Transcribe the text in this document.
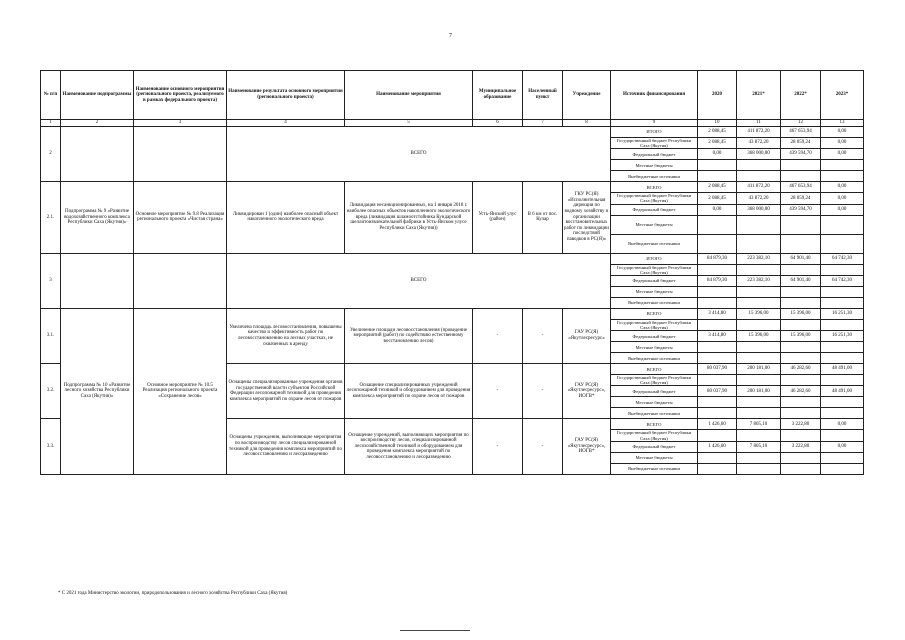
7
№ п/п	Наименование подпрограммы	Наименование основного мероприятия (регионального проекта, реализуемого в рамках федерального проекта)	Наименование результата основного мероприятия (регионального проекта)	Наименование мероприятия	Муниципальное образование	Населенный пункт	Учреждение	Источник финансирования	2020	2021*	2022*	2023*
1	2	3	4	5	6	7	8	9	10	11	12	13
2			ВСЕГО					ИТОГО	2 088,45	411 872,20	467 653,94	0,00
								Государственный бюджет Республики Саха (Якутия)	2 088,45	43 872,20	28 059,24	0,00
								Федеральный бюджет	0,00	368 000,00	439 594,70	0,00
								Местные бюджеты				
								Внебюджетные источники				
2.1.	Подпрограмма № 9 «Развитие водохозяйственного комплекса Республики Саха (Якутия)»	Основное мероприятие № 9.8 Реализация регионального проекта «Чистая страна»	Ликвидирован 1 (один) наиболее опасный объект накопленного экологического вреда	Ликвидация несанкционированных, на 1 января 2018 г. наиболее опасных объектов накопленного экологического вреда (ликвидация шламоотстойника Кундарской шеллитоизвлекательной фабрики в Усть-Янском улусе Республики Саха (Якутия))	Усть-Янский улус (район)	В 6 км от пос. Кулар	ГКУ РС(Я) «Исполнительная дирекция по водному хозяйству и организации восстановительных работ по ликвидации последствий паводков в РС(Я)»	ВСЕГО	2 088,45	411 872,20	467 653,94	0,00
								Государственный бюджет Республики Саха (Якутия)	2 088,45	43 872,20	28 059,24	0,00
								Федеральный бюджет	0,00	368 000,00	439 594,70	0,00
								Местные бюджеты				
								Внебюджетные источники				
3			ВСЕГО					ИТОГО	84 879,30	223 382,10	64 901,40	64 742,30
								Государственный бюджет Республики Саха (Якутия)				
								Федеральный бюджет	84 879,30	223 382,10	64 901,40	64 742,30
								Местные бюджеты				
								Внебюджетные источники				
3.1.	Подпрограмма № 10 «Развитие лесного хозяйства Республики Саха (Якутия)»	Основное мероприятие № 10.5 Реализация регионального проекта «Сохранение лесов»	Увеличена площадь лесовосстановления, повышены качество и эффективность работ по лесовосстановлению на лесных участках, не охваченных в аренду	Увеличение площади лесовосстановления (проведение мероприятий (работ) по содействию естественному восстановлению лесов)	-	-	ГАУ РС(Я) «Якутлесресурс»	ВСЕГО	3 414,80	15 396,00	15 396,00	16 251,30
								Государственный бюджет Республики Саха (Якутия)				
								Федеральный бюджет	3 414,80	15 396,00	15 396,00	16 251,30
								Местные бюджеты				
								Внебюджетные источники				
3.2.			Оснащены специализированные учреждения органов государственной власти субъектов Российской Федерации лесопожарной техникой для проведения комплекса мероприятий по охране лесов от пожаров	Оснащение специализированных учреждений лесопожарной техникой и оборудованием для проведения комплекса мероприятий по охране лесов от пожаров	-	-	ГАУ РС(Я) «Якутлесресурс», ИОГВ*	ВСЕГО	80 037,90	200 181,00	46 282,60	48 491,00
								Государственный бюджет Республики Саха (Якутия)				
								Федеральный бюджет	80 037,90	200 181,00	46 282,60	48 491,00
								Местные бюджеты				
								Внебюджетные источники				
3.3.			Оснащены учреждения, выполняющие мероприятия по воспроизводству лесов специализированной техникой для проведения комплекса мероприятий по лесовосстановлению и лесоразведению	Оснащение учреждений, выполняющих мероприятия по воспроизводству лесов, специализированной лесохозяйственной техникой и оборудованием для проведения комплекса мероприятий по лесовосстановлению и лесоразведению	-	-	ГАУ РС(Я) «Якутлесресурс», ИОГВ*	ВСЕГО	1 426,60	7 805,10	3 222,80	0,00
								Государственный бюджет Республики Саха (Якутия)				
								Федеральный бюджет	1 426,60	7 805,10	3 222,80	0,00
								Местные бюджеты				
								Внебюджетные источники				
* С 2021 года Министерство экологии, природопользования и лесного хозяйства Республики Саха (Якутия)
